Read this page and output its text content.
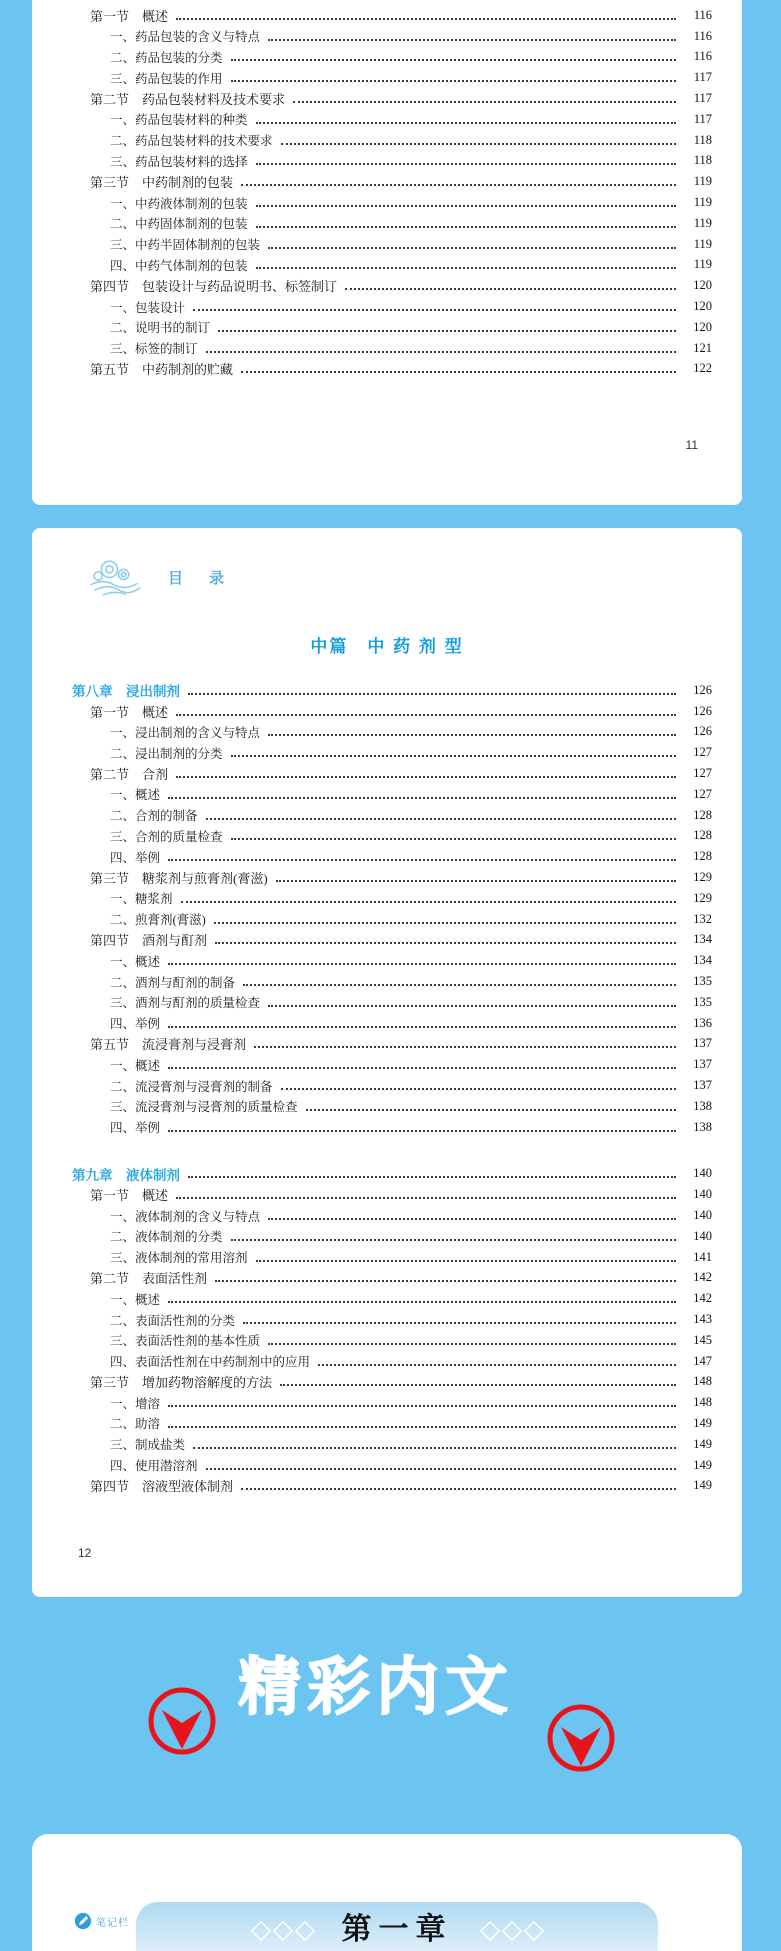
第一节　概述	116
一、药品包装的含义与特点	116
二、药品包装的分类	116
三、药品包装的作用	117
第二节　药品包装材料及技术要求	117
一、药品包装材料的种类	117
二、药品包装材料的技术要求	118
三、药品包装材料的选择	118
第三节　中药制剂的包装	119
一、中药液体制剂的包装	119
二、中药固体制剂的包装	119
三、中药半固体制剂的包装	119
四、中药气体制剂的包装	119
第四节　包装设计与药品说明书、标签制订	120
一、包装设计	120
二、说明书的制订	120
三、标签的制订	121
第五节　中药制剂的贮藏	122
11
目录
中篇　中 药 剂 型
第八章　浸出制剂	126
第一节　概述	126
一、浸出制剂的含义与特点	126
二、浸出制剂的分类	127
第二节　合剂	127
一、概述	127
二、合剂的制备	128
三、合剂的质量检查	128
四、举例	128
第三节　糖浆剂与煎膏剂(膏滋)	129
一、糖浆剂	129
二、煎膏剂(膏滋)	132
第四节　酒剂与酊剂	134
一、概述	134
二、酒剂与酊剂的制备	135
三、酒剂与酊剂的质量检查	135
四、举例	136
第五节　流浸膏剂与浸膏剂	137
一、概述	137
二、流浸膏剂与浸膏剂的制备	137
三、流浸膏剂与浸膏剂的质量检查	138
四、举例	138
第九章　液体制剂	140
第一节　概述	140
一、液体制剂的含义与特点	140
二、液体制剂的分类	140
三、液体制剂的常用溶剂	141
第二节　表面活性剂	142
一、概述	142
二、表面活性剂的分类	143
三、表面活性剂的基本性质	145
四、表面活性剂在中药制剂中的应用	147
第三节　增加药物溶解度的方法	148
一、增溶	148
二、助溶	149
三、制成盐类	149
四、使用潜溶剂	149
第四节　溶液型液体制剂	149
12
精彩内文
笔记栏	第一章
